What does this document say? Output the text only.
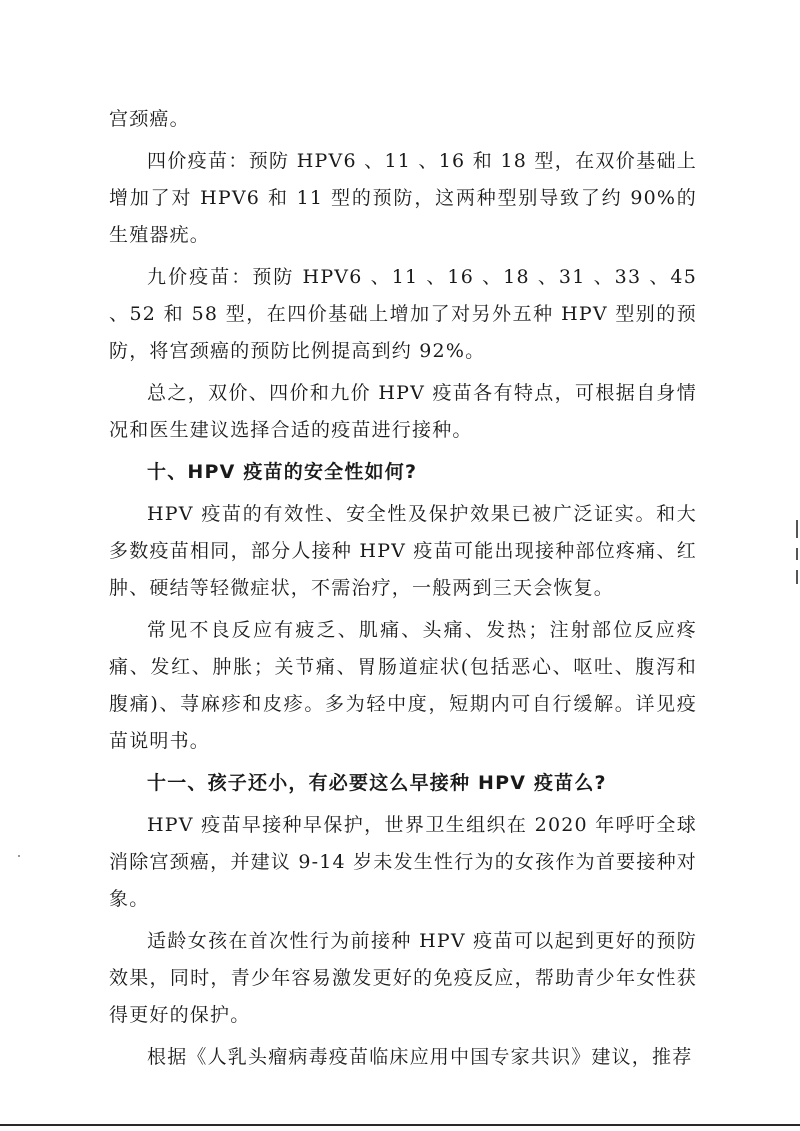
宫颈癌。

四价疫苗：预防 HPV6 、11 、16 和 18 型，在双价基础上增加了对 HPV6 和 11 型的预防，这两种型别导致了约 90%的生殖器疣。

九价疫苗：预防 HPV6 、11 、16 、18 、31 、33 、45 、52 和 58 型，在四价基础上增加了对另外五种 HPV 型别的预防，将宫颈癌的预防比例提高到约 92%。

总之，双价、四价和九价 HPV 疫苗各有特点，可根据自身情况和医生建议选择合适的疫苗进行接种。

十、HPV 疫苗的安全性如何?

HPV 疫苗的有效性、安全性及保护效果已被广泛证实。和大多数疫苗相同，部分人接种 HPV 疫苗可能出现接种部位疼痛、红肿、硬结等轻微症状，不需治疗，一般两到三天会恢复。

常见不良反应有疲乏、肌痛、头痛、发热；注射部位反应疼痛、发红、肿胀；关节痛、胃肠道症状(包括恶心、呕吐、腹泻和腹痛)、荨麻疹和皮疹。多为轻中度，短期内可自行缓解。详见疫苗说明书。

十一、孩子还小，有必要这么早接种 HPV 疫苗么?

HPV 疫苗早接种早保护，世界卫生组织在 2020 年呼吁全球消除宫颈癌，并建议 9-14 岁未发生性行为的女孩作为首要接种对象。

适龄女孩在首次性行为前接种 HPV 疫苗可以起到更好的预防效果，同时，青少年容易激发更好的免疫反应，帮助青少年女性获得更好的保护。

根据《人乳头瘤病毒疫苗临床应用中国专家共识》建议，推荐
